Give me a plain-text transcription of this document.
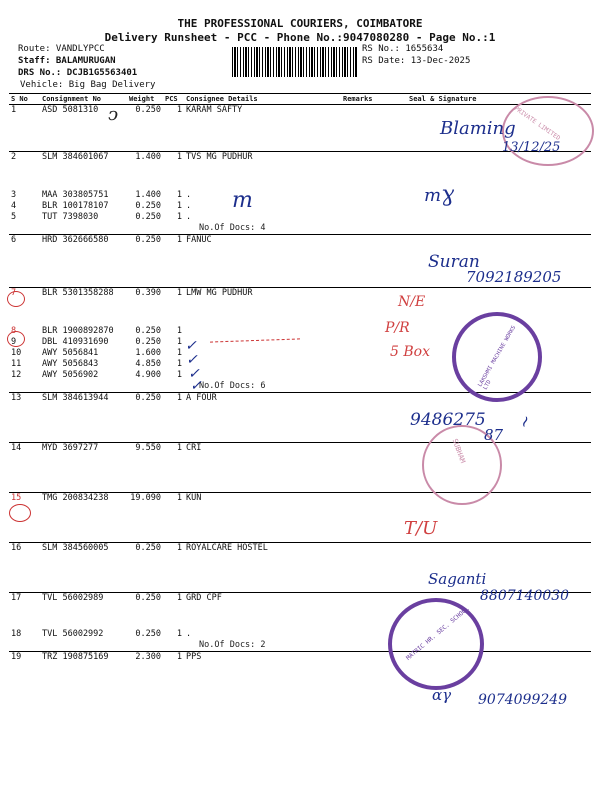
THE PROFESSIONAL COURIERS, COIMBATORE
Delivery Runsheet - PCC - Phone No.:9047080280 - Page No.:1
Route: VANDLYPCC
Staff: BALAMURUGAN
DRS No.: DCJB1G5563401
Vehicle: Big Bag Delivery
RS No.: 1655634
RS Date: 13-Dec-2025
S No	Consignment No	Weight	PCS	Consignee Details	Remarks	Seal & Signature
1	ASD 5081310	0.250	1	KARAM SAFTY		

2	SLM 384601067	1.400	1	TVS MG PUDHUR		

3	MAA 303805751	1.400	1	.		
4	BLR 100178107	0.250	1	.		
5	TUT 7398030	0.250	1	.		
				No.Of Docs: 4		
6	HRD 362666580	0.250	1	FANUC		

7	BLR 5301358288	0.390	1	LMW MG PUDHUR		

8	BLR 1900892870	0.250	1			
9	DBL 410931690	0.250	1			
10	AWY 5056841	1.600	1			
11	AWY 5056843	4.850	1			
12	AWY 5056902	4.900	1			
				No.Of Docs: 6		
13	SLM 384613944	0.250	1	A FOUR		

14	MYD 3697277	9.550	1	CRI		

15	TMG 200834238	19.090	1	KUN		

16	SLM 384560005	0.250	1	ROYALCARE HOSTEL		

17	TVL 56002989	0.250	1	GRD CPF		

18	TVL 56002992	0.250	1	.		
				No.Of Docs: 2		
19	TRZ 190875169	2.300	1	PPS		
PRIVATE LIMITED
LAKSHMI MACHINE WORKS LTD
SUBHAM
MATRIC HR. SEC. SCHOOL
ↄ
Blaming
13/12/25
m	mɣ
Suran
7092189205
N/E
P/R
5 Box
✓
✓
✓
✓
9486275
87
~
T/U
Saganti
8807140030
ɑγ 9074099249
